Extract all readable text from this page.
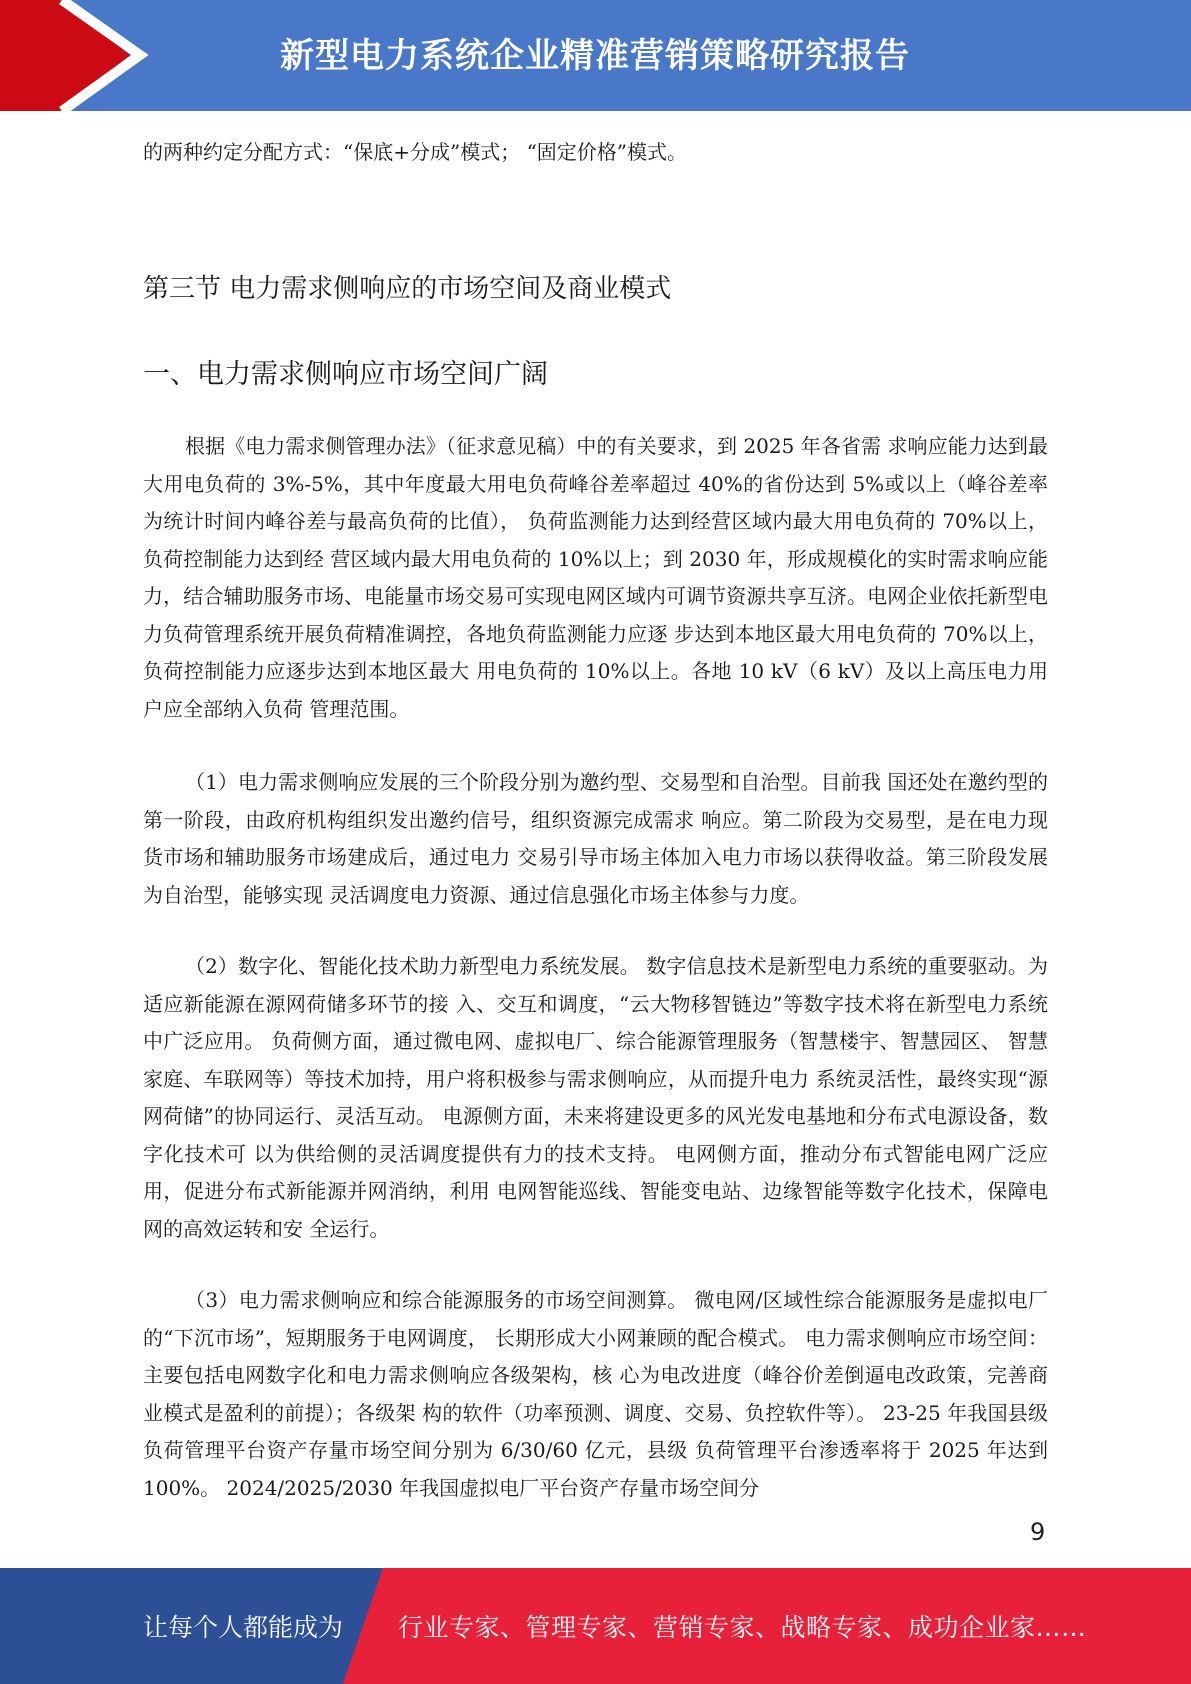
新型电力系统企业精准营销策略研究报告

的两种约定分配方式：“保底+分成”模式； “固定价格”模式。

第三节 电力需求侧响应的市场空间及商业模式
一、电力需求侧响应市场空间广阔

根据《电力需求侧管理办法》（征求意见稿）中的有关要求，到 2025 年各省需 求响应能力达到最大用电负荷的 3%-5%，其中年度最大用电负荷峰谷差率超过 40%的省份达到 5%或以上（峰谷差率为统计时间内峰谷差与最高负荷的比值）， 负荷监测能力达到经营区域内最大用电负荷的 70%以上，负荷控制能力达到经 营区域内最大用电负荷的 10%以上；到 2030 年，形成规模化的实时需求响应能 力，结合辅助服务市场、电能量市场交易可实现电网区域内可调节资源共享互济。电网企业依托新型电力负荷管理系统开展负荷精准调控，各地负荷监测能力应逐 步达到本地区最大用电负荷的 70%以上，负荷控制能力应逐步达到本地区最大 用电负荷的 10%以上。各地 10 kV（6 kV）及以上高压电力用户应全部纳入负荷 管理范围。

（1）电力需求侧响应发展的三个阶段分别为邀约型、交易型和自治型。目前我 国还处在邀约型的第一阶段，由政府机构组织发出邀约信号，组织资源完成需求 响应。第二阶段为交易型，是在电力现货市场和辅助服务市场建成后，通过电力 交易引导市场主体加入电力市场以获得收益。第三阶段发展为自治型，能够实现 灵活调度电力资源、通过信息强化市场主体参与力度。

（2）数字化、智能化技术助力新型电力系统发展。 数字信息技术是新型电力系统的重要驱动。为适应新能源在源网荷储多环节的接 入、交互和调度，“云大物移智链边”等数字技术将在新型电力系统中广泛应用。 负荷侧方面，通过微电网、虚拟电厂、综合能源管理服务（智慧楼宇、智慧园区、 智慧家庭、车联网等）等技术加持，用户将积极参与需求侧响应，从而提升电力 系统灵活性，最终实现“源网荷储”的协同运行、灵活互动。 电源侧方面，未来将建设更多的风光发电基地和分布式电源设备，数字化技术可 以为供给侧的灵活调度提供有力的技术支持。 电网侧方面，推动分布式智能电网广泛应用，促进分布式新能源并网消纳，利用 电网智能巡线、智能变电站、边缘智能等数字化技术，保障电网的高效运转和安 全运行。

（3）电力需求侧响应和综合能源服务的市场空间测算。 微电网/区域性综合能源服务是虚拟电厂的“下沉市场”，短期服务于电网调度， 长期形成大小网兼顾的配合模式。 电力需求侧响应市场空间：主要包括电网数字化和电力需求侧响应各级架构，核 心为电改进度（峰谷价差倒逼电改政策，完善商业模式是盈利的前提）；各级架 构的软件（功率预测、调度、交易、负控软件等）。 23-25 年我国县级负荷管理平台资产存量市场空间分别为 6/30/60 亿元，县级 负荷管理平台渗透率将于 2025 年达到 100%。 2024/2025/2030 年我国虚拟电厂平台资产存量市场空间分

9
让每个人都能成为 行业专家、管理专家、营销专家、战略专家、成功企业家……
